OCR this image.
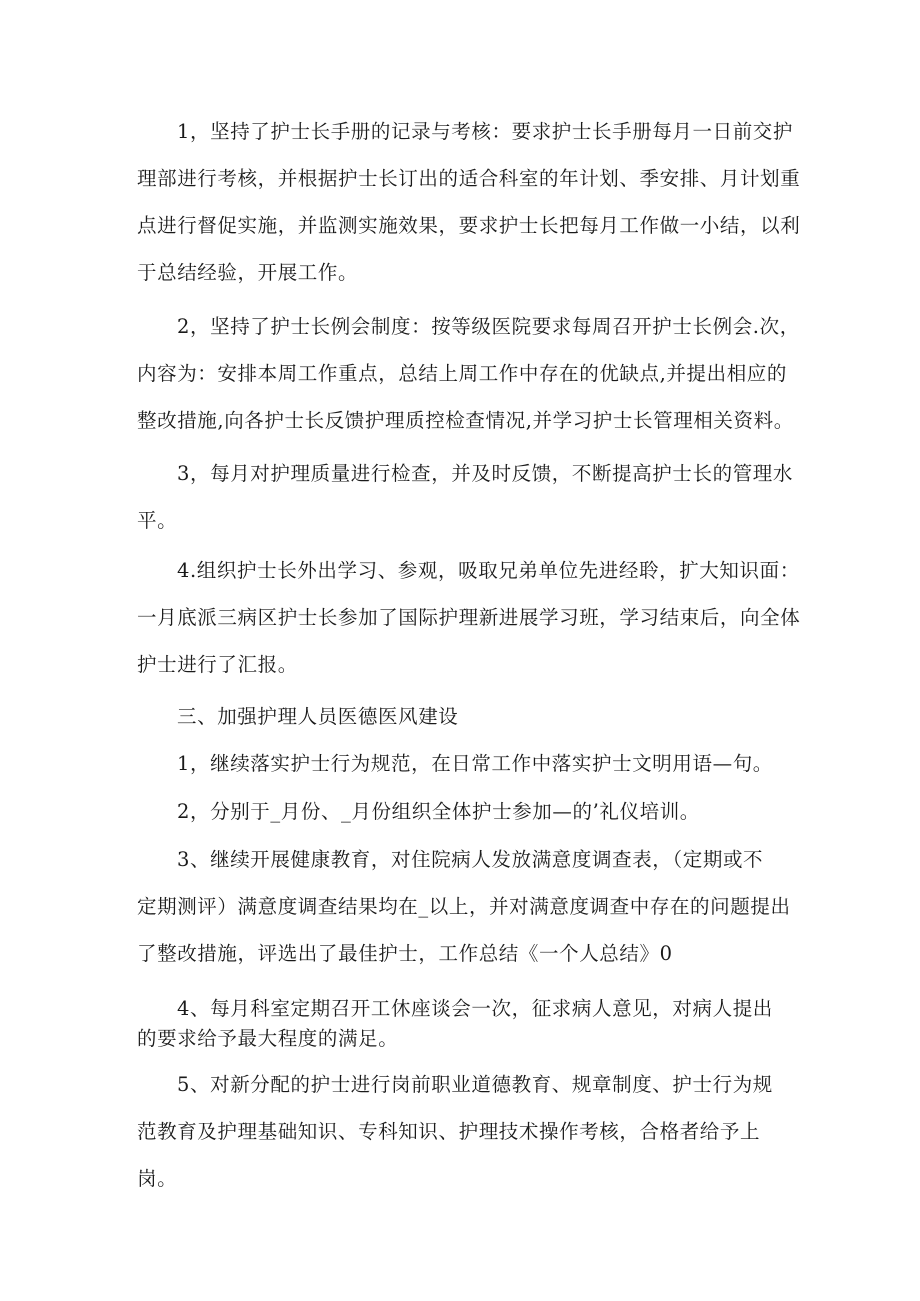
1，坚持了护士长手册的记录与考核：要求护士长手册每月一日前交护
理部进行考核，并根据护士长订出的适合科室的年计划、季安排、月计划重
点进行督促实施，并监测实施效果，要求护士长把每月工作做一小结，以利
于总结经验，开展工作。
2，坚持了护士长例会制度：按等级医院要求每周召开护士长例会.次，
内容为：安排本周工作重点，总结上周工作中存在的优缺点,并提出相应的
整改措施,向各护士长反馈护理质控检查情况,并学习护士长管理相关资料。
3，每月对护理质量进行检查，并及时反馈，不断提高护士长的管理水
平。
4.组织护士长外出学习、参观，吸取兄弟单位先进经聆，扩大知识面：
一月底派三病区护士长参加了国际护理新进展学习班，学习结束后，向全体
护士进行了汇报。
三、加强护理人员医德医风建设
1，继续落实护士行为规范，在日常工作中落实护士文明用语—句。
2，分别于_月份、_月份组织全体护士参加—的’礼仪培训。
3、继续开展健康教育，对住院病人发放满意度调查表，（定期或不
定期测评）满意度调查结果均在_以上，并对满意度调查中存在的问题提出
了整改措施，评选出了最佳护士，工作总结《一个人总结》0
4、每月科室定期召开工休座谈会一次，征求病人意见，对病人提出
的要求给予最大程度的满足。
5、对新分配的护士进行岗前职业道德教育、规章制度、护士行为规
范教育及护理基础知识、专科知识、护理技术操作考核，合格者给予上
岗。
